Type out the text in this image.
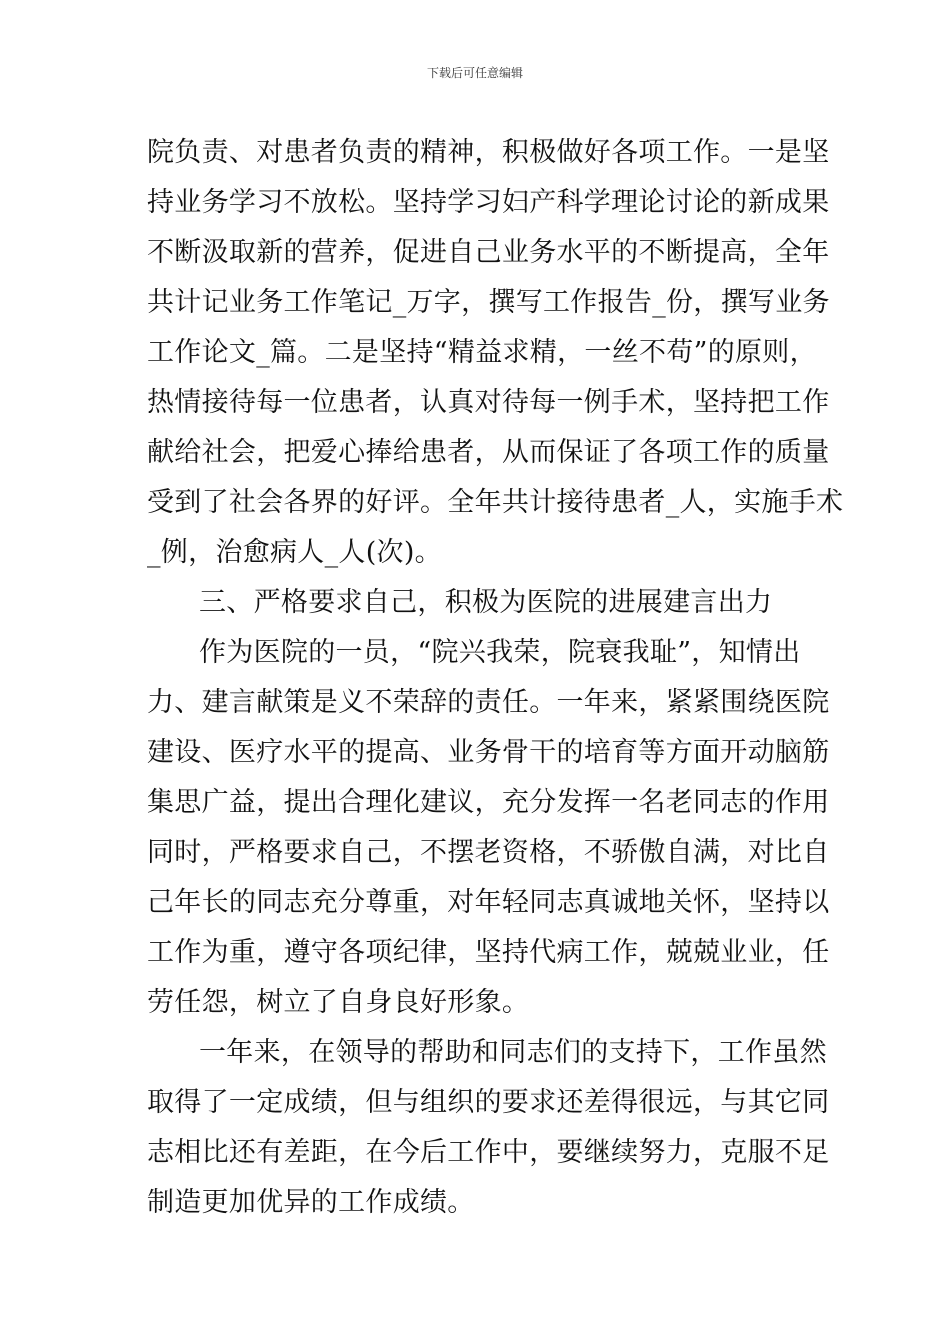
下载后可任意编辑
院负责、对患者负责的精神，积极做好各项工作。一是坚
持业务学习不放松。坚持学习妇产科学理论讨论的新成果
不断汲取新的营养，促进自己业务水平的不断提高，全年
共计记业务工作笔记_万字，撰写工作报告_份，撰写业务
工作论文_篇。二是坚持“精益求精，一丝不苟”的原则，
热情接待每一位患者，认真对待每一例手术，坚持把工作
献给社会，把爱心捧给患者，从而保证了各项工作的质量
受到了社会各界的好评。全年共计接待患者_人，实施手术
_例，治愈病人_人(次)。
三、严格要求自己，积极为医院的进展建言出力
作为医院的一员，“院兴我荣，院衰我耻”，知情出
力、建言献策是义不荣辞的责任。一年来，紧紧围绕医院
建设、医疗水平的提高、业务骨干的培育等方面开动脑筋
集思广益，提出合理化建议，充分发挥一名老同志的作用
同时，严格要求自己，不摆老资格，不骄傲自满，对比自
己年长的同志充分尊重，对年轻同志真诚地关怀，坚持以
工作为重，遵守各项纪律，坚持代病工作，兢兢业业，任
劳任怨，树立了自身良好形象。
一年来，在领导的帮助和同志们的支持下，工作虽然
取得了一定成绩，但与组织的要求还差得很远，与其它同
志相比还有差距，在今后工作中，要继续努力，克服不足
制造更加优异的工作成绩。
